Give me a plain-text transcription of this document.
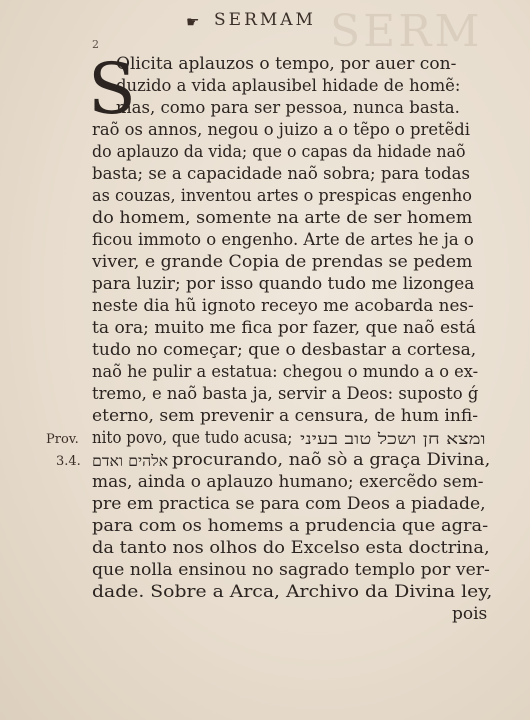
SERM
☛ SERMAM
2
S
Olicita aplauzos o tempo, por auer con-
duzido a vida aplausibel hidade de homẽ:
mas, como para ser pessoa, nunca basta.
raõ os annos, negou o juizo a o tẽpo o pretẽdi
do aplauzo da vida; que o capas da hidade naõ
basta; se a capacidade naõ sobra; para todas
as couzas, inventou artes o prespicas engenho
do homem, somente na arte de ser homem
ficou immoto o engenho. Arte de artes he ja o
viver, e grande Copia de prendas se pedem
para luzir; por isso quando tudo me lizongea
neste dia hũ ignoto receyo me acobarda nes-
ta ora; muito me fica por fazer, que naõ está
tudo no começar; que o desbastar a cortesa,
naõ he pulir a estatua: chegou o mundo a o ex-
tremo, e naõ basta ja, servir a Deos: suposto ǵ
eterno, sem prevenir a censura, de hum infi-
Prov. nito povo, que tudo acusa; ומצא חן ושכל טוב בעיני
3.4. אלהים ואדם procurando, naõ sò a graça Divina,
mas, ainda o aplauzo humano; exercẽdo sem-
pre em practica se para com Deos a piadade,
para com os homems a prudencia que agra-
da tanto nos olhos do Excelso esta doctrina,
que nolla ensinou no sagrado templo por ver-
dade. Sobre a Arca, Archivo da Divina ley,
pois
